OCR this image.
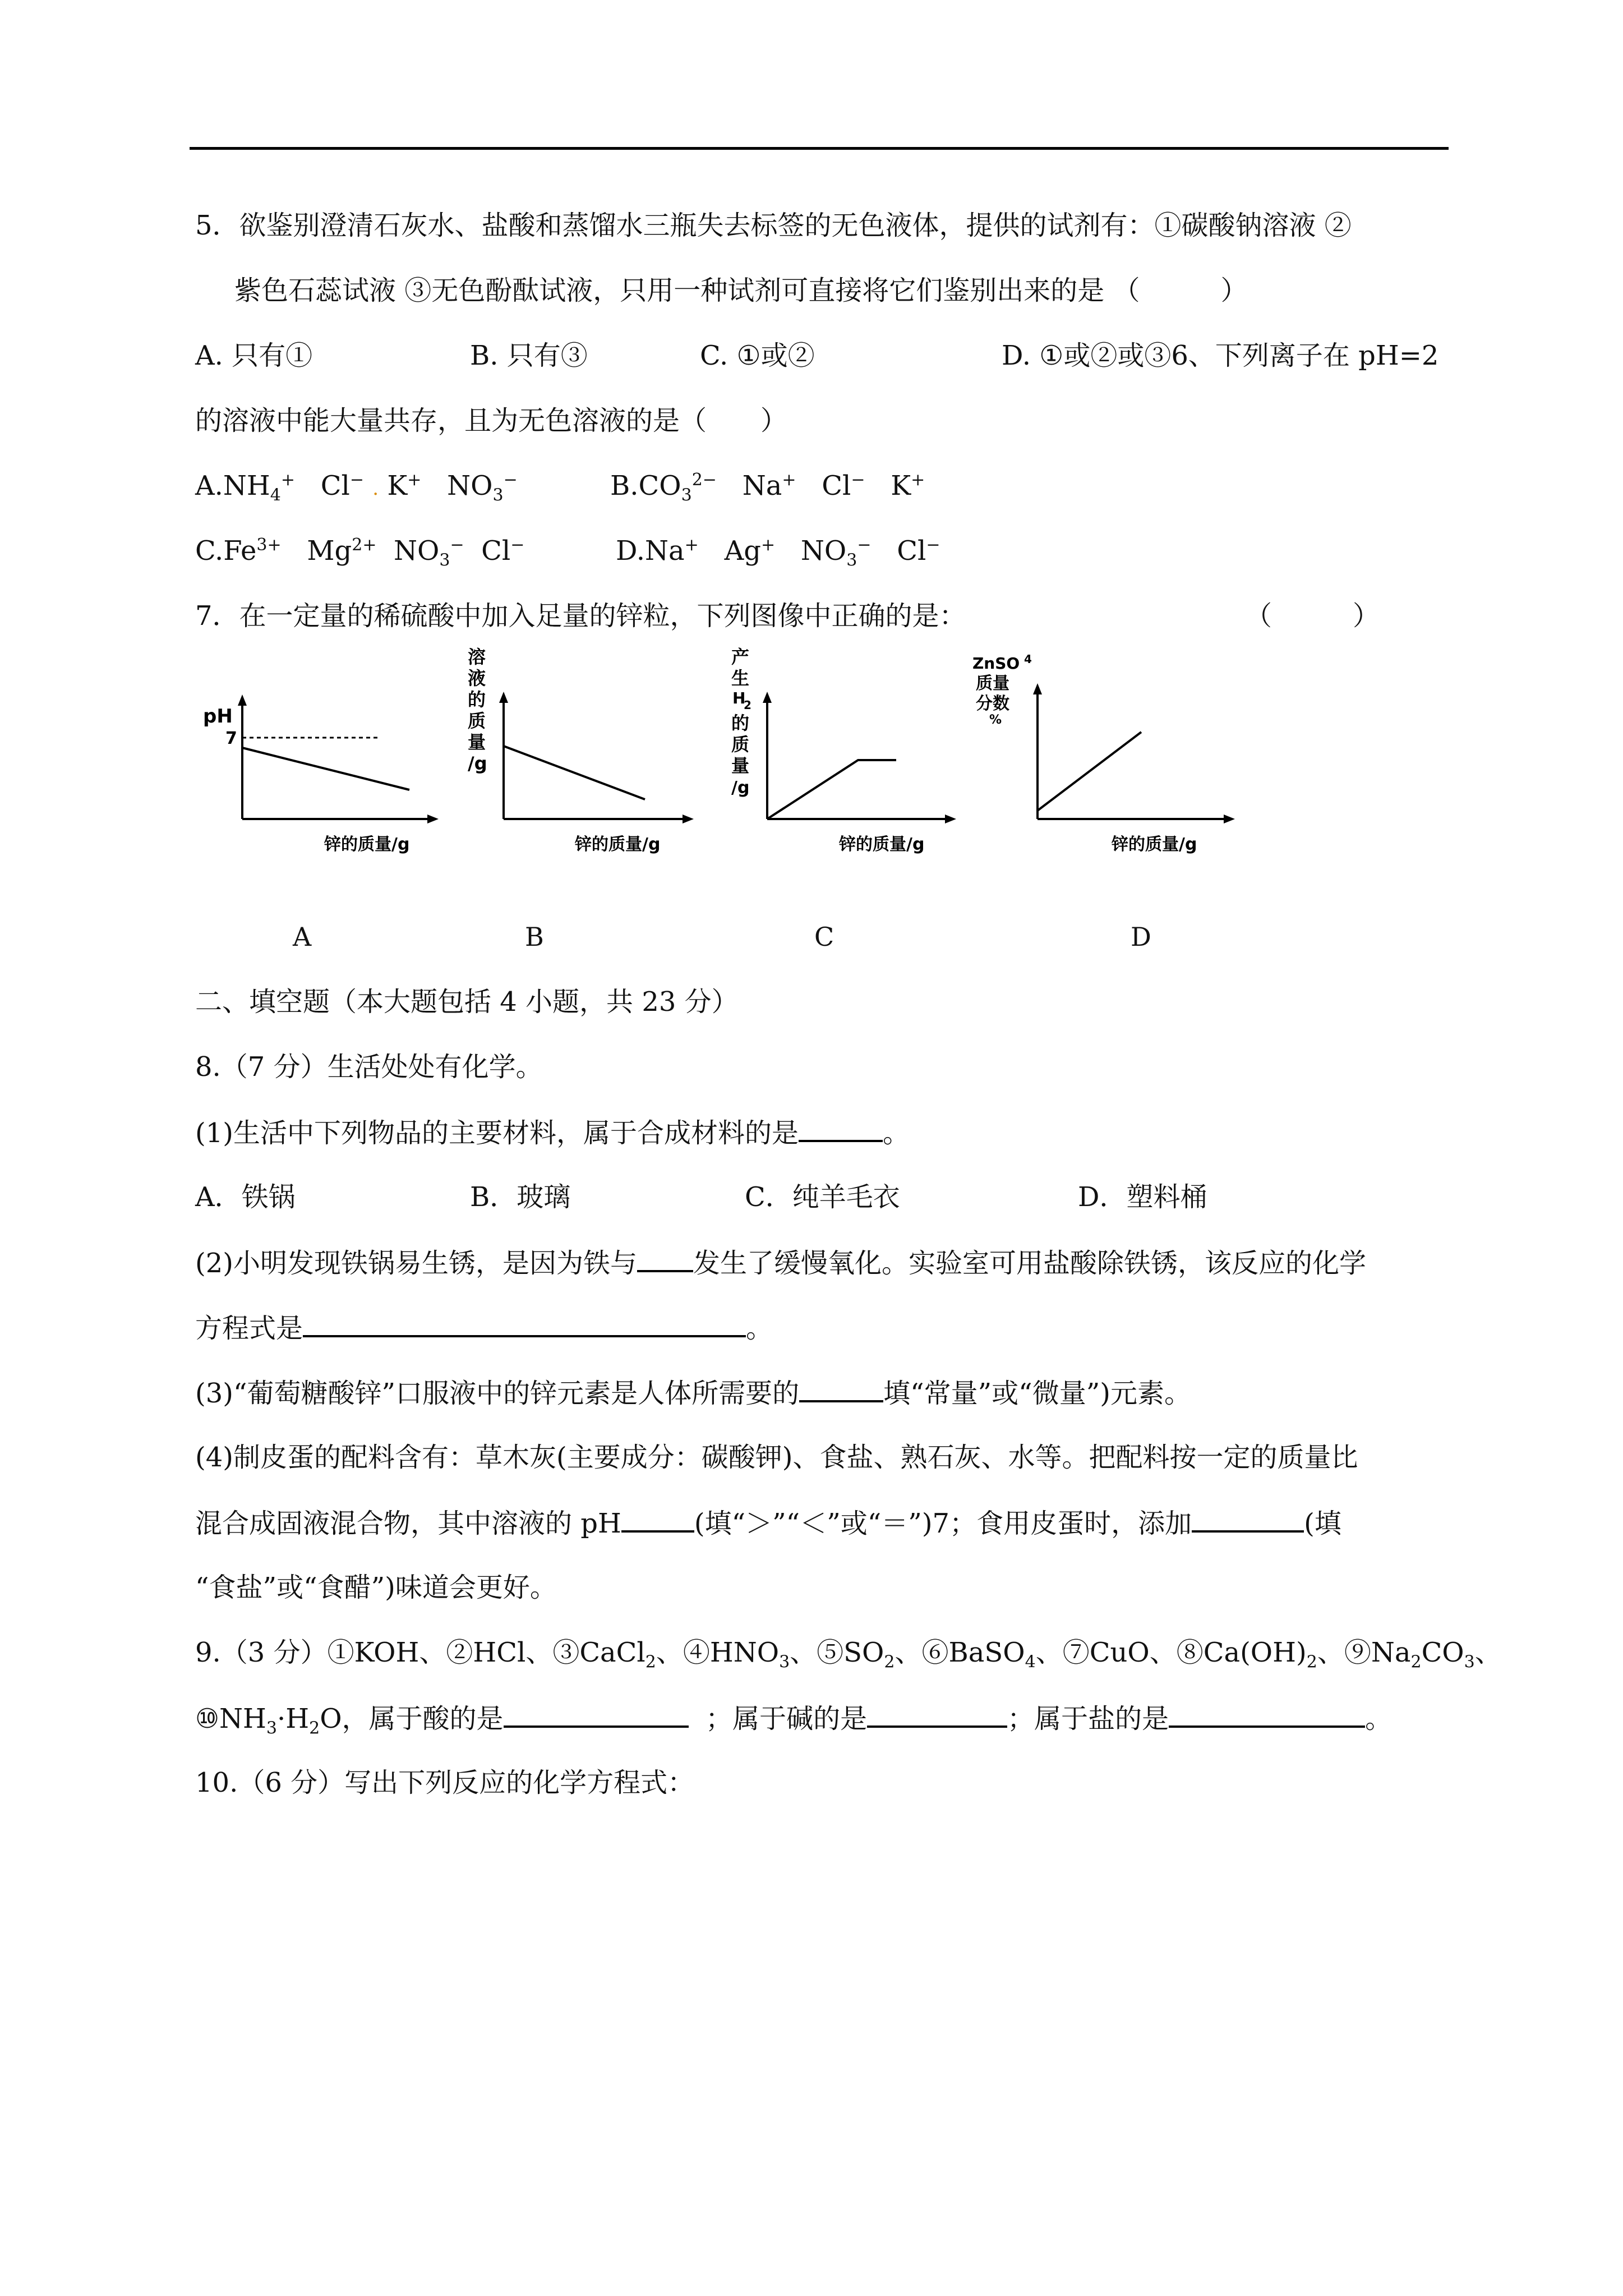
5．欲鉴别澄清石灰水、盐酸和蒸馏水三瓶失去标签的无色液体，提供的试剂有：①碳酸钠溶液 ②
紫色石蕊试液 ③无色酚酞试液，只用一种试剂可直接将它们鉴别出来的是 （　　　）
A. 只有①	B. 只有③	C. ①或②	D. ①或②或③6、下列离子在 pH=2
的溶液中能大量共存，且为无色溶液的是（　　）
$A.NH_4^+$ Cl− . K+ $NO_3^-$	$B.CO_3^{2-}$ Na+ Cl− K+
$C.Fe^{3+}$ $Mg^{2+}$ $NO_3^-$ Cl−	D.Na+ Ag+ $NO_3^-$ Cl−
7．在一定量的稀硫酸中加入足量的锌粒，下列图像中正确的是：	（　　　）
pH
7
锌的质量/g
溶
液
的
质
量
/g
锌的质量/g
产
生
H
2
的
质
量
/g
锌的质量/g
ZnSO 4
质量
分数
%
锌的质量/g
A	B	C	D
二、填空题（本大题包括 4 小题，共 23 分）
8.（7 分）生活处处有化学。
(1)生活中下列物品的主要材料，属于合成材料的是	。
A．铁锅	B．玻璃	C．纯羊毛衣	D．塑料桶
(2)小明发现铁锅易生锈，是因为铁与 发生了缓慢氧化。实验室可用盐酸除铁锈，该反应的化学
方程式是	。
(3)“葡萄糖酸锌”口服液中的锌元素是人体所需要的	填“常量”或“微量”)元素。
(4)制皮蛋的配料含有：草木灰(主要成分：碳酸钾)、食盐、熟石灰、水等。把配料按一定的质量比
混合成固液混合物，其中溶液的 pH	(填“＞”“＜”或“＝”)7；食用皮蛋时，添加	(填
“食盐”或“食醋”)味道会更好。
9.（3 分）①KOH、②HCl、③CaCl$_2$、$④HNO_3$、$⑤SO_2$、⑥BaSO$_4$、⑦CuO、$⑧Ca(OH)_2$、$⑨Na_2CO_3$、
$⑩NH_3\cdot H_2O$，属于酸的是	；属于碱的是	；属于盐的是	。
10.（6 分）写出下列反应的化学方程式：
